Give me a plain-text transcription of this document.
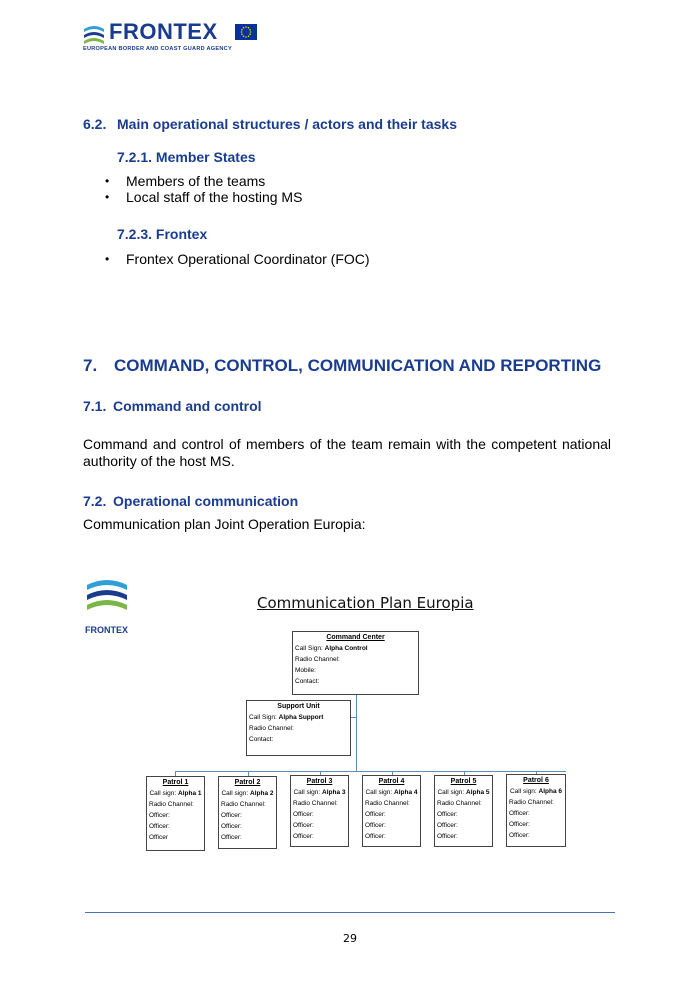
FRONTEX
EUROPEAN BORDER AND COAST GUARD AGENCY
6.2. Main operational structures / actors and their tasks
7.2.1. Member States
• Members of the teams
• Local staff of the hosting MS
7.2.3. Frontex
• Frontex Operational Coordinator (FOC)
7. COMMAND, CONTROL, COMMUNICATION AND REPORTING
7.1. Command and control
Command and control of members of the team remain with the competent national authority of the host MS.
7.2. Operational communication
Communication plan Joint Operation Europia:
FRONTEX
Communication Plan Europia
Command Center
Call Sign: Alpha Control
Radio Channel:
Mobile:
Contact:
Support Unit
Call Sign: Alpha Support
Radio Channel:
Contact:
Patrol 1
Call sign: Alpha 1
Radio Channel:
Officer:
Officer:
Officer
Patrol 2
Call sign: Alpha 2
Radio Channel:
Officer:
Officer:
Officer:
Patrol 3
Call sign: Alpha 3
Radio Channel:
Officer:
Officer:
Officer:
Patrol 4
Call sign: Alpha 4
Radio Channel:
Officer:
Officer:
Officer:
Patrol 5
Call sign: Alpha 5
Radio Channel:
Officer:
Officer:
Officer:
Patrol 6
Call sign: Alpha 6
Radio Channel:
Officer:
Officer:
Officer:
29
